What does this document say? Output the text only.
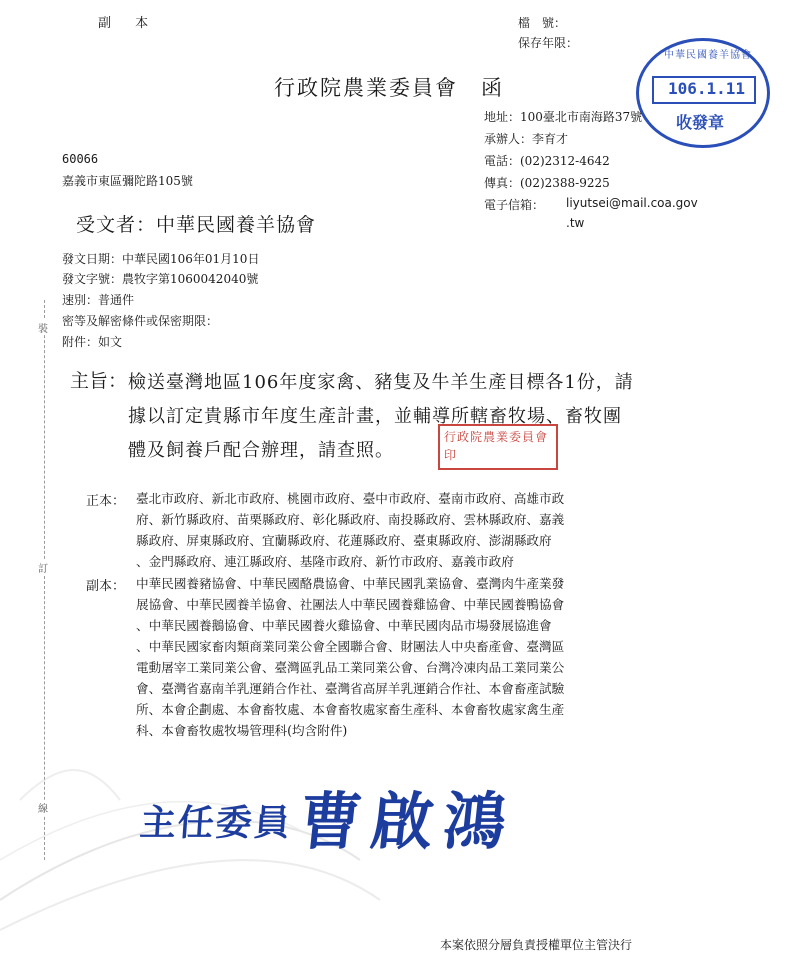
副 本	檔　號：
保存年限：
中華民國養羊協會
106.1.11
收發章
行政院農業委員會　函
地址：100臺北市南海路37號
承辦人：李育才
電話：(02)2312-4642
傳真：(02)2388-9225
電子信箱： liyutsei@mail.coa.gov
.tw
60066
嘉義市東區彌陀路105號
受文者：中華民國養羊協會
發文日期：中華民國106年01月10日
發文字號：農牧字第1060042040號
速別：普通件
密等及解密條件或保密期限：
附件：如文
裝
訂
線
主旨： 檢送臺灣地區106年度家禽、豬隻及牛羊生產目標各1份，請
據以訂定貴縣市年度生產計畫，並輔導所轄畜牧場、畜牧團
體及飼養戶配合辦理，請查照。
行政院農業委員會印
正本： 臺北市政府、新北市政府、桃園市政府、臺中市政府、臺南市政府、高雄市政
府、新竹縣政府、苗栗縣政府、彰化縣政府、南投縣政府、雲林縣政府、嘉義
縣政府、屏東縣政府、宜蘭縣政府、花蓮縣政府、臺東縣政府、澎湖縣政府
、金門縣政府、連江縣政府、基隆市政府、新竹市政府、嘉義市政府
副本： 中華民國養豬協會、中華民國酪農協會、中華民國乳業協會、臺灣肉牛產業發
展協會、中華民國養羊協會、社團法人中華民國養雞協會、中華民國養鴨協會
、中華民國養鵝協會、中華民國養火雞協會、中華民國肉品市場發展協進會
、中華民國家畜肉類商業同業公會全國聯合會、財團法人中央畜產會、臺灣區
電動屠宰工業同業公會、臺灣區乳品工業同業公會、台灣冷凍肉品工業同業公
會、臺灣省嘉南羊乳運銷合作社、臺灣省高屏羊乳運銷合作社、本會畜產試驗
所、本會企劃處、本會畜牧處、本會畜牧處家畜生產科、本會畜牧處家禽生產
科、本會畜牧處牧場管理科(均含附件)
主任委員 曹啟鴻
本案依照分層負責授權單位主管決行
